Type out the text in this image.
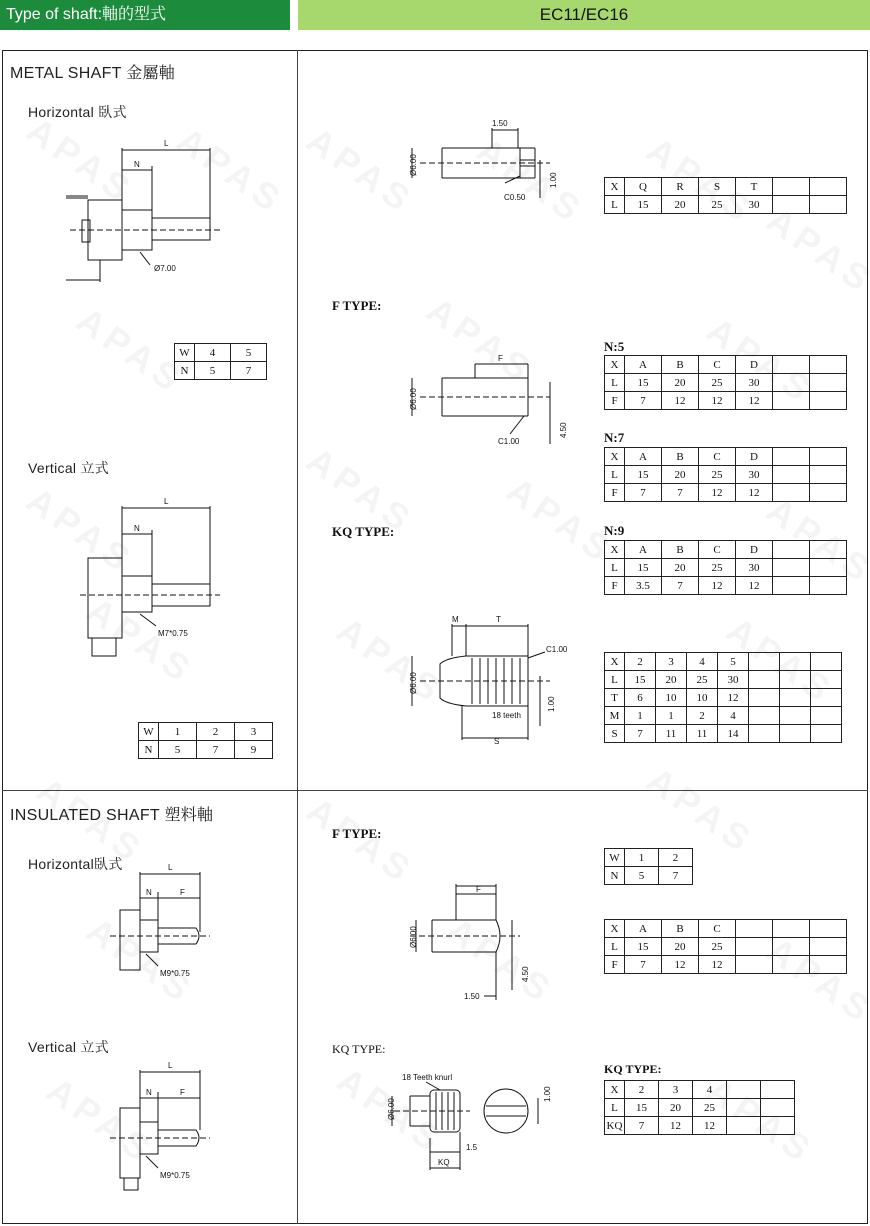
Type of shaft:軸的型式	EC11/EC16
METAL SHAFT 金屬軸
Horizontal 臥式
L
N
Ø7.00
W	4	5
N	5	7
Vertical 立式
L
N
M7*0.75
W	1	2	3
N	5	7	9
1.50
Ø6.00
1.00
C0.50
X	Q	R	S	T		
L	15	20	25	30		
F TYPE:
F
Ø6.00
4.50
C1.00
N:5
X	A	B	C	D		
L	15	20	25	30		
F	7	12	12	12		
N:7
X	A	B	C	D		
L	15	20	25	30		
F	7	7	12	12		
KQ TYPE:	N:9
X	A	B	C	D		
L	15	20	25	30		
F	3.5	7	12	12		
M	T
C1.00
Ø6.00
18 teeth
1.00
S
X	2	3	4	5			
L	15	20	25	30			
T	6	10	10	12			
M	1	1	2	4			
S	7	11	11	14			
INSULATED SHAFT 塑料軸
Horizontal臥式	L
N	F
M9*0.75
Vertical 立式
L
N	F
M9*0.75
F TYPE:
F
Ø6.00
4.50
1.50
W	1	2
N	5	7
X	A	B	C			
L	15	20	25			
F	7	12	12			
KQ TYPE:
18 Teeth knurl
Ø6.00
1.00
1.5
KQ
KQ TYPE:
X	2	3	4		
L	15	20	25		
KQ	7	12	12		
